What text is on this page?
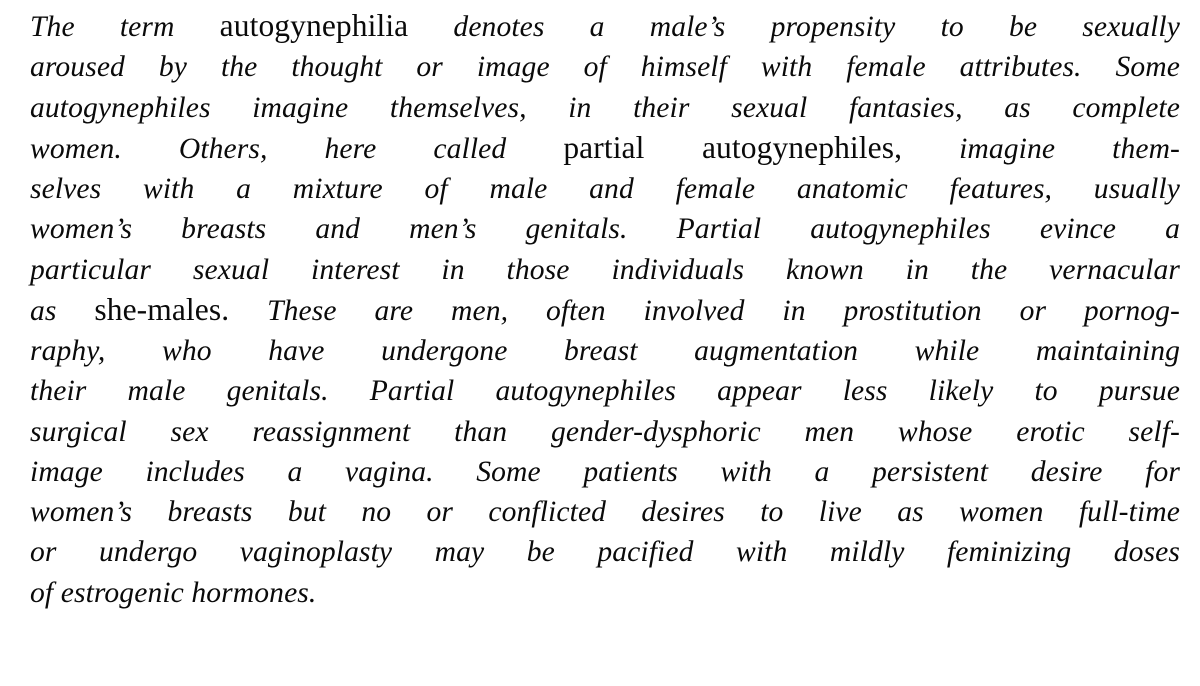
The term autogynephilia denotes a male’s propensity to be sexually
aroused by the thought or image of himself with female attributes. Some
autogynephiles imagine themselves, in their sexual fantasies, as complete
women. Others, here called partial autogynephiles, imagine them-
selves with a mixture of male and female anatomic features, usually
women’s breasts and men’s genitals. Partial autogynephiles evince a
particular sexual interest in those individuals known in the vernacular
as she-males. These are men, often involved in prostitution or pornog-
raphy, who have undergone breast augmentation while maintaining
their male genitals. Partial autogynephiles appear less likely to pursue
surgical sex reassignment than gender-dysphoric men whose erotic self-
image includes a vagina. Some patients with a persistent desire for
women’s breasts but no or conflicted desires to live as women full-time
or undergo vaginoplasty may be pacified with mildly feminizing doses
of estrogenic hormones.
